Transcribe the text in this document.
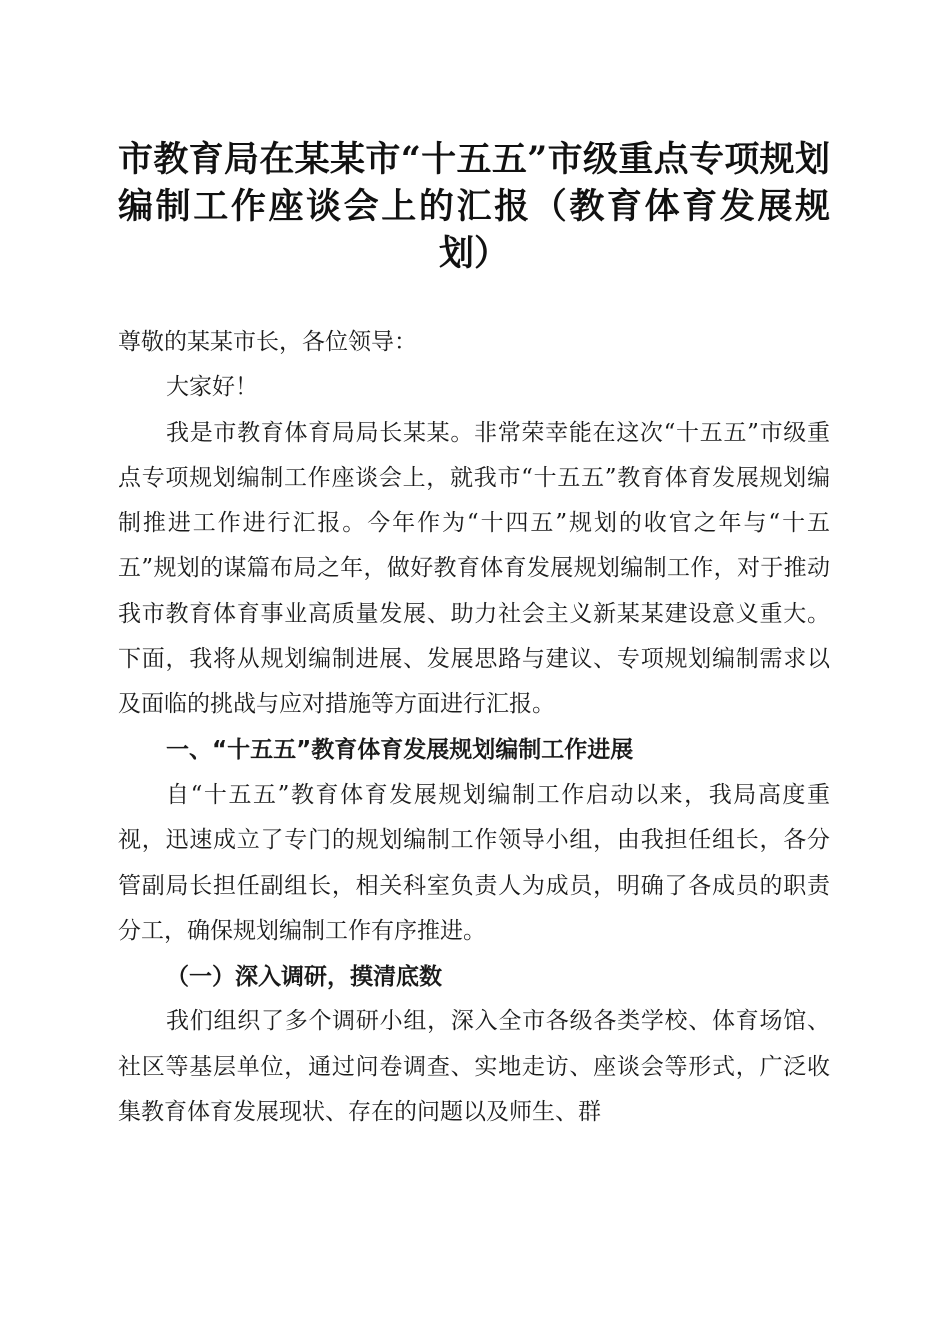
市教育局在某某市“十五五”市级重点专项规划编制工作座谈会上的汇报（教育体育发展规划）

尊敬的某某市长，各位领导：

大家好！

我是市教育体育局局长某某。非常荣幸能在这次“十五五”市级重点专项规划编制工作座谈会上，就我市“十五五”教育体育发展规划编制推进工作进行汇报。今年作为“十四五”规划的收官之年与“十五五”规划的谋篇布局之年，做好教育体育发展规划编制工作，对于推动我市教育体育事业高质量发展、助力社会主义新某某建设意义重大。下面，我将从规划编制进展、发展思路与建议、专项规划编制需求以及面临的挑战与应对措施等方面进行汇报。

一、“十五五”教育体育发展规划编制工作进展

自“十五五”教育体育发展规划编制工作启动以来，我局高度重视，迅速成立了专门的规划编制工作领导小组，由我担任组长，各分管副局长担任副组长，相关科室负责人为成员，明确了各成员的职责分工，确保规划编制工作有序推进。

（一）深入调研，摸清底数

我们组织了多个调研小组，深入全市各级各类学校、体育场馆、社区等基层单位，通过问卷调查、实地走访、座谈会等形式，广泛收集教育体育发展现状、存在的问题以及师生、群
